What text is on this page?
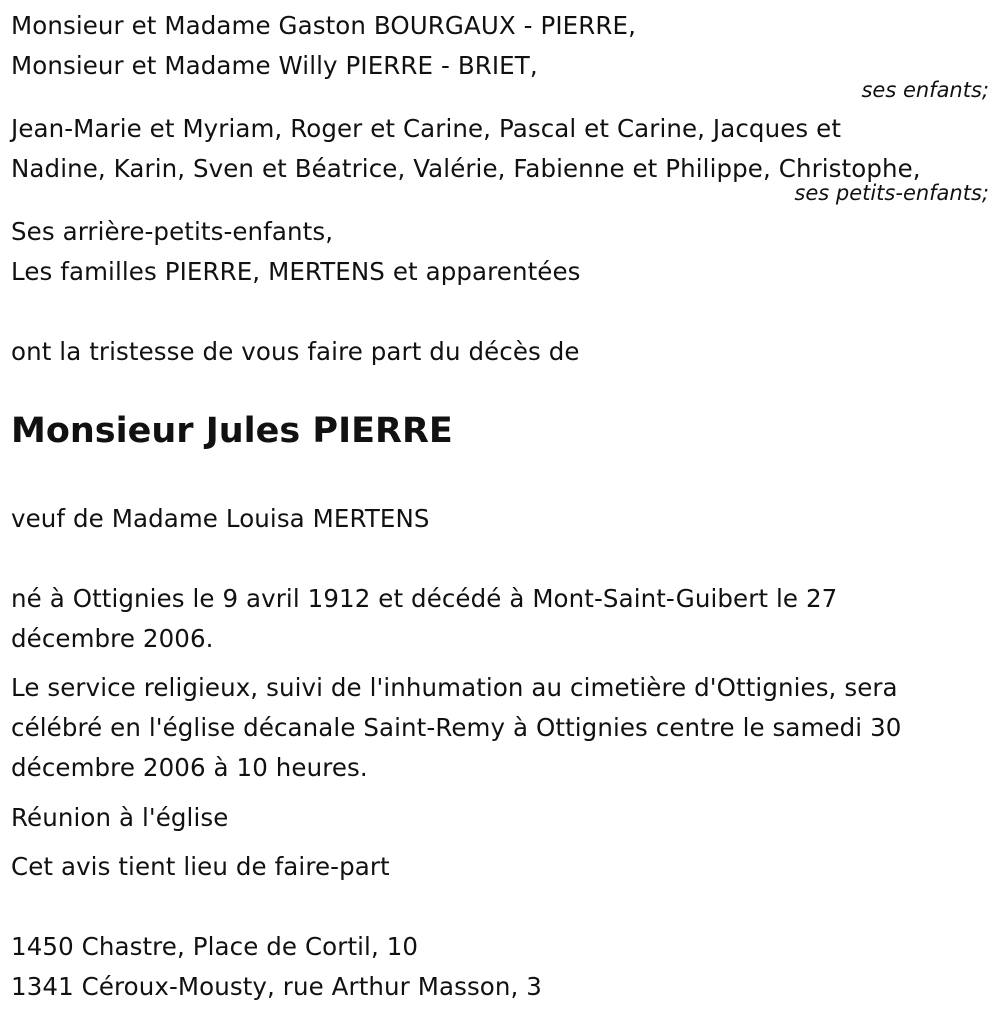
Monsieur et Madame Gaston BOURGAUX - PIERRE,
Monsieur et Madame Willy PIERRE - BRIET,
ses enfants;
Jean-Marie et Myriam, Roger et Carine, Pascal et Carine, Jacques et
Nadine, Karin, Sven et Béatrice, Valérie, Fabienne et Philippe, Christophe,
ses petits-enfants;
Ses arrière-petits-enfants,
Les familles PIERRE, MERTENS et apparentées
ont la tristesse de vous faire part du décès de
Monsieur Jules PIERRE
veuf de Madame Louisa MERTENS
né à Ottignies le 9 avril 1912 et décédé à Mont-Saint-Guibert le 27
décembre 2006.
Le service religieux, suivi de l'inhumation au cimetière d'Ottignies, sera
célébré en l'église décanale Saint-Remy à Ottignies centre le samedi 30
décembre 2006 à 10 heures.
Réunion à l'église
Cet avis tient lieu de faire-part
1450 Chastre, Place de Cortil, 10
1341 Céroux-Mousty, rue Arthur Masson, 3
